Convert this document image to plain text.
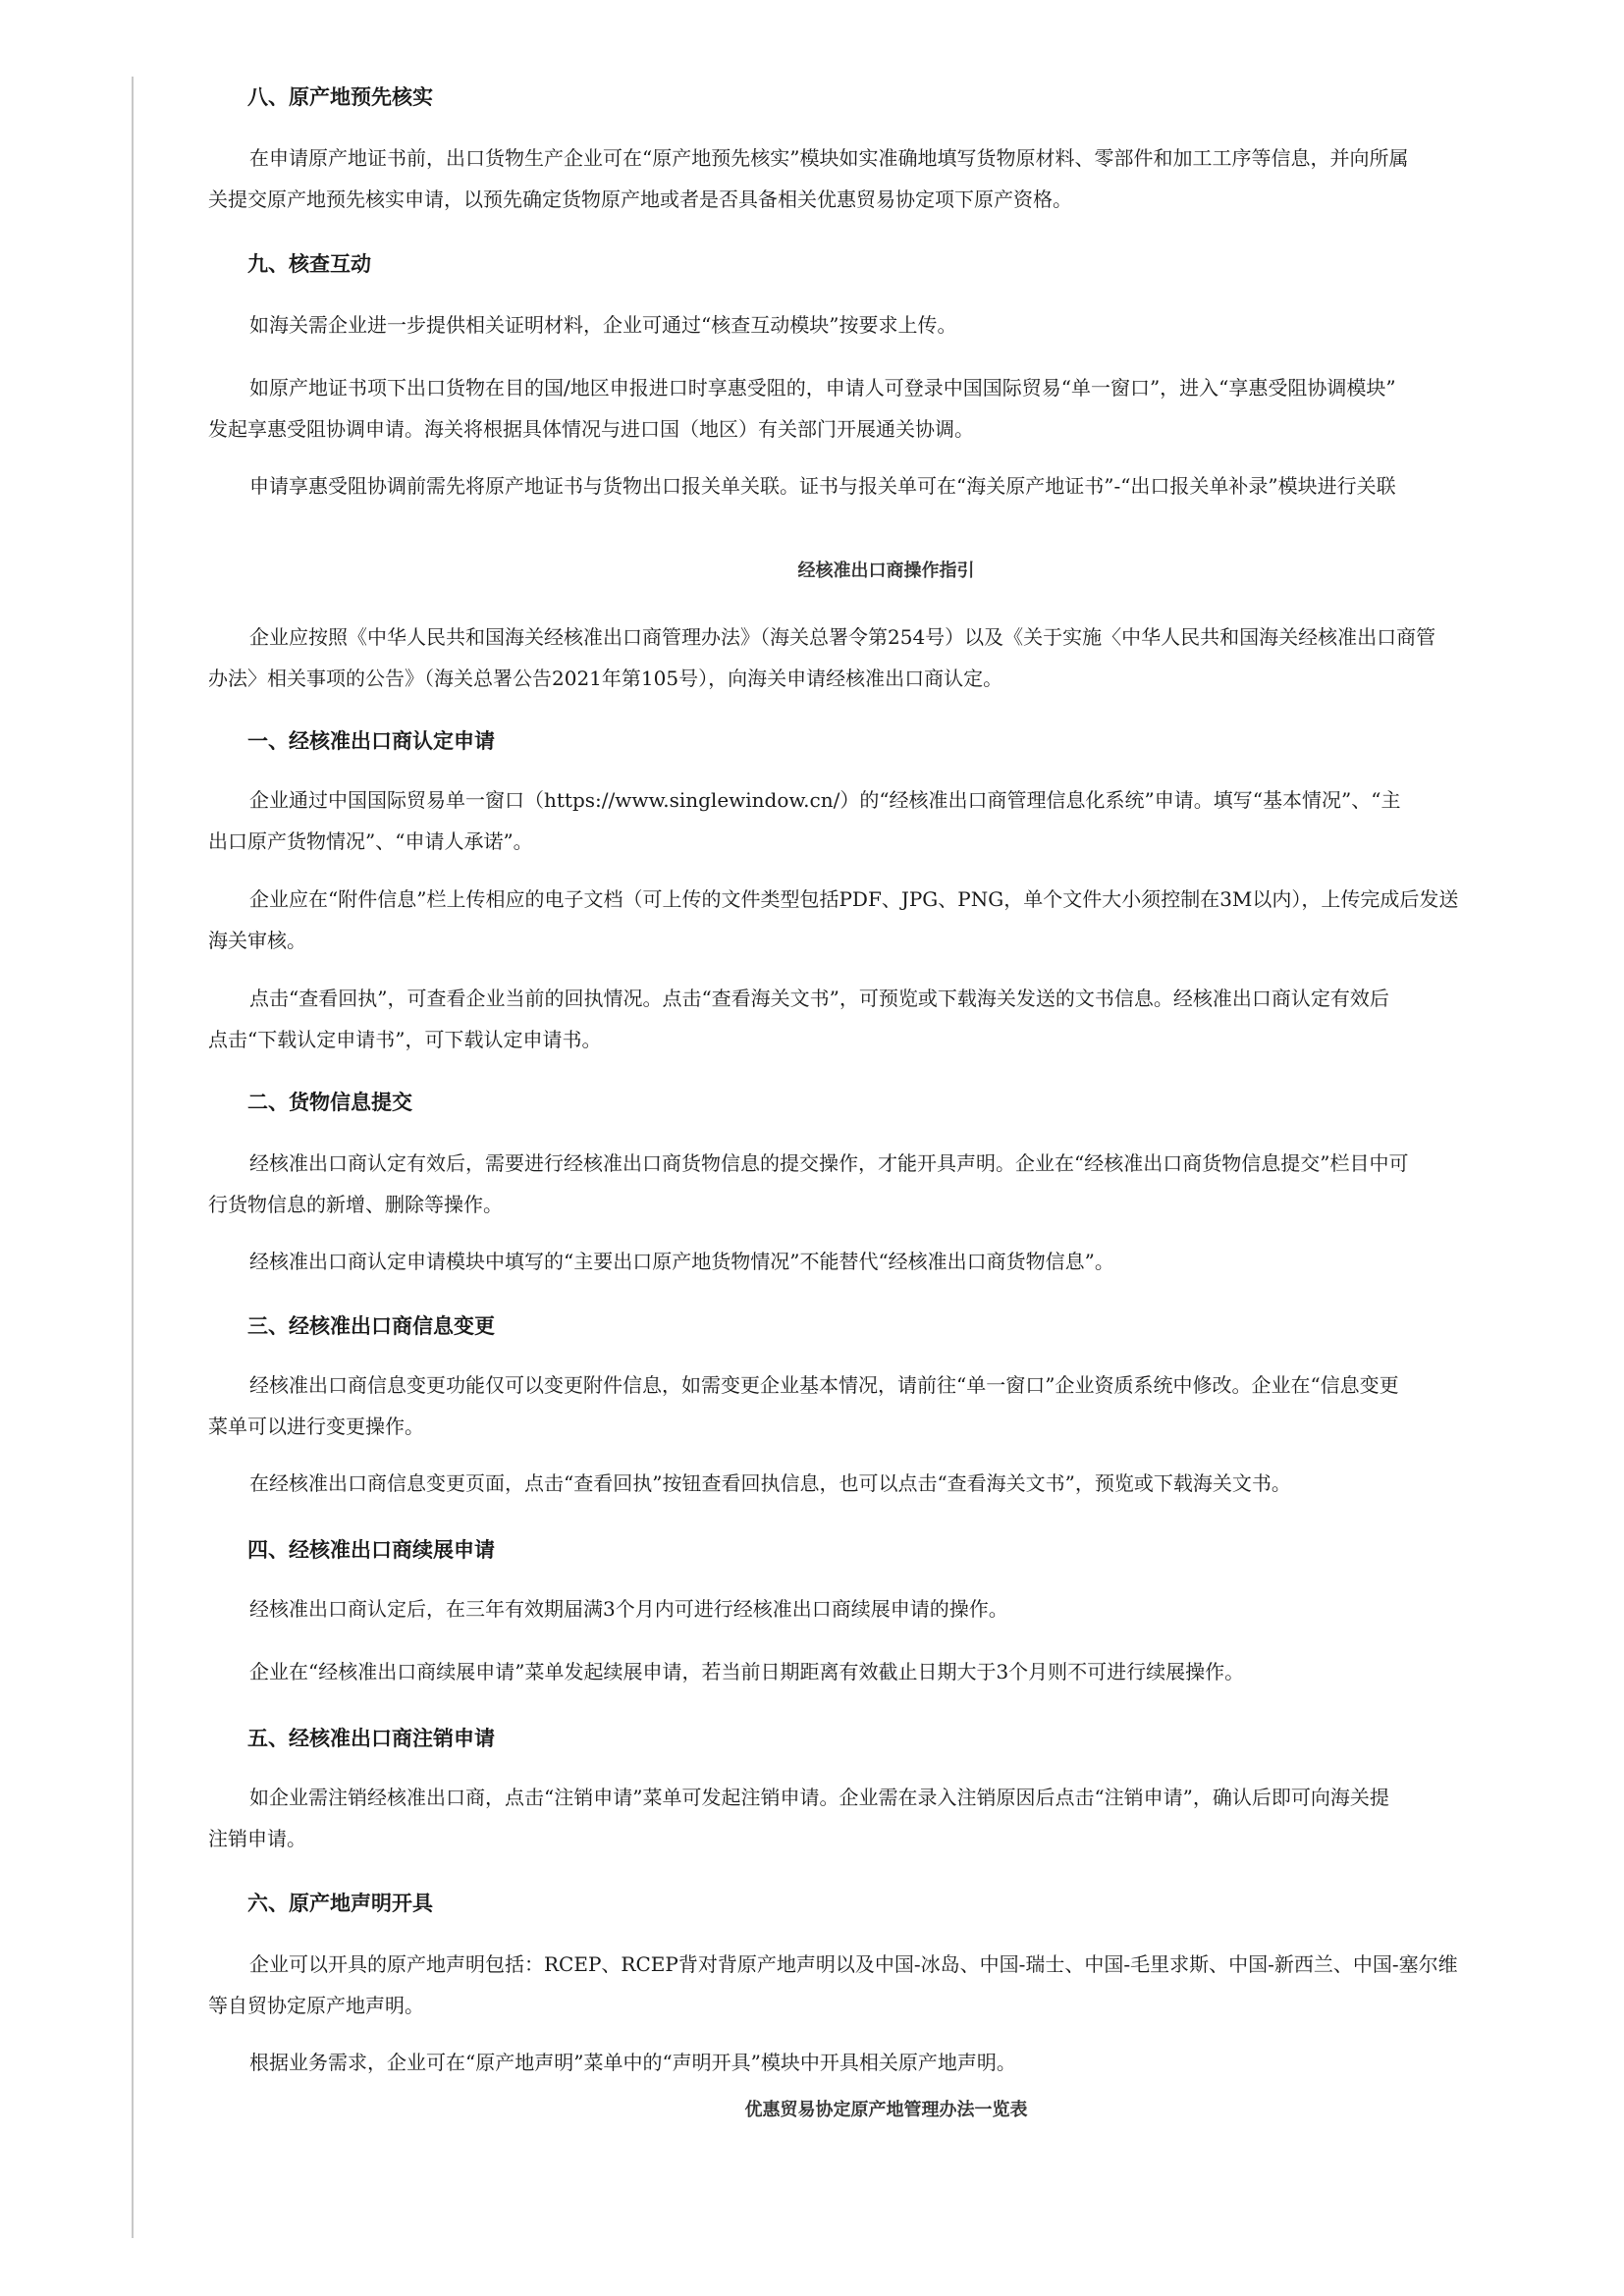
八、原产地预先核实

在申请原产地证书前，出口货物生产企业可在“原产地预先核实”模块如实准确地填写货物原材料、零部件和加工工序等信息，并向所属
关提交原产地预先核实申请，以预先确定货物原产地或者是否具备相关优惠贸易协定项下原产资格。

九、核查互动

如海关需企业进一步提供相关证明材料，企业可通过“核查互动模块”按要求上传。

如原产地证书项下出口货物在目的国/地区申报进口时享惠受阻的，申请人可登录中国国际贸易“单一窗口”，进入“享惠受阻协调模块”
发起享惠受阻协调申请。海关将根据具体情况与进口国（地区）有关部门开展通关协调。

申请享惠受阻协调前需先将原产地证书与货物出口报关单关联。证书与报关单可在“海关原产地证书”-“出口报关单补录”模块进行关联

经核准出口商操作指引

企业应按照《中华人民共和国海关经核准出口商管理办法》（海关总署令第254号）以及《关于实施〈中华人民共和国海关经核准出口商管
办法〉相关事项的公告》（海关总署公告2021年第105号），向海关申请经核准出口商认定。

一、经核准出口商认定申请

企业通过中国国际贸易单一窗口（https://www.singlewindow.cn/）的“经核准出口商管理信息化系统”申请。填写“基本情况”、“主
出口原产货物情况”、“申请人承诺”。

企业应在“附件信息”栏上传相应的电子文档（可上传的文件类型包括PDF、JPG、PNG，单个文件大小须控制在3M以内），上传完成后发送
海关审核。

点击“查看回执”，可查看企业当前的回执情况。点击“查看海关文书”，可预览或下载海关发送的文书信息。经核准出口商认定有效后
点击“下载认定申请书”，可下载认定申请书。

二、货物信息提交

经核准出口商认定有效后，需要进行经核准出口商货物信息的提交操作，才能开具声明。企业在“经核准出口商货物信息提交”栏目中可
行货物信息的新增、删除等操作。

经核准出口商认定申请模块中填写的“主要出口原产地货物情况”不能替代“经核准出口商货物信息”。

三、经核准出口商信息变更

经核准出口商信息变更功能仅可以变更附件信息，如需变更企业基本情况，请前往“单一窗口”企业资质系统中修改。企业在“信息变更
菜单可以进行变更操作。

在经核准出口商信息变更页面，点击“查看回执”按钮查看回执信息，也可以点击“查看海关文书”，预览或下载海关文书。

四、经核准出口商续展申请

经核准出口商认定后，在三年有效期届满3个月内可进行经核准出口商续展申请的操作。

企业在“经核准出口商续展申请”菜单发起续展申请，若当前日期距离有效截止日期大于3个月则不可进行续展操作。

五、经核准出口商注销申请

如企业需注销经核准出口商，点击“注销申请”菜单可发起注销申请。企业需在录入注销原因后点击“注销申请”，确认后即可向海关提
注销申请。

六、原产地声明开具

企业可以开具的原产地声明包括：RCEP、RCEP背对背原产地声明以及中国-冰岛、中国-瑞士、中国-毛里求斯、中国-新西兰、中国-塞尔维
等自贸协定原产地声明。

根据业务需求，企业可在“原产地声明”菜单中的“声明开具”模块中开具相关原产地声明。

优惠贸易协定原产地管理办法一览表
